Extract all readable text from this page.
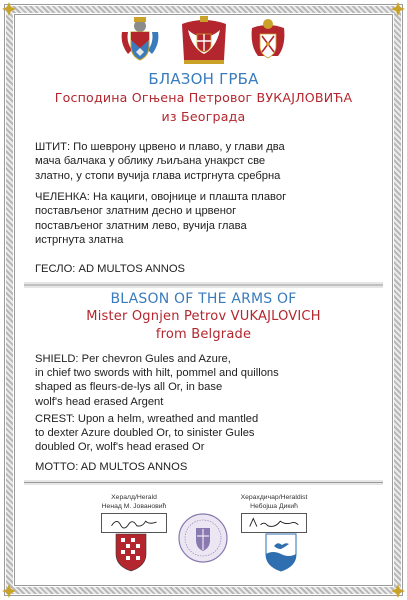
БЛАЗОН ГРБА
Господина Огњена Петровог ВУКАЈЛОВИЋА
из Београда
ШТИТ: По шеврону црвено и плаво, у глави два
мача балчака у облику љиљана унакрст све
златно, у стопи вучија глава истргнута сребрна
ЧЕЛЕНКА: На кациги, овојнице и плашта плавог
постављеног златним десно и црвеног
постављеног златним лево, вучија глава
истргнута златна
ГЕСЛО: AD MULTOS ANNOS
BLASON OF THE ARMS OF
Mister Ognjen Petrov VUKAJLOVICH
from Belgrade
SHIELD: Per chevron Gules and Azure,
in chief two swords with hilt, pommel and quillons
shaped as fleurs-de-lys all Or, in base
wolf's head erased Argent
CREST: Upon a helm, wreathed and mantled
to dexter Azure doubled Or, to sinister Gules
doubled Or, wolf's head erased Or
MOTTO: AD MULTOS ANNOS
Хералд/Herald
Ненад М. Јовановић
Херахдичар/Heraldist
Небојша Дикић
